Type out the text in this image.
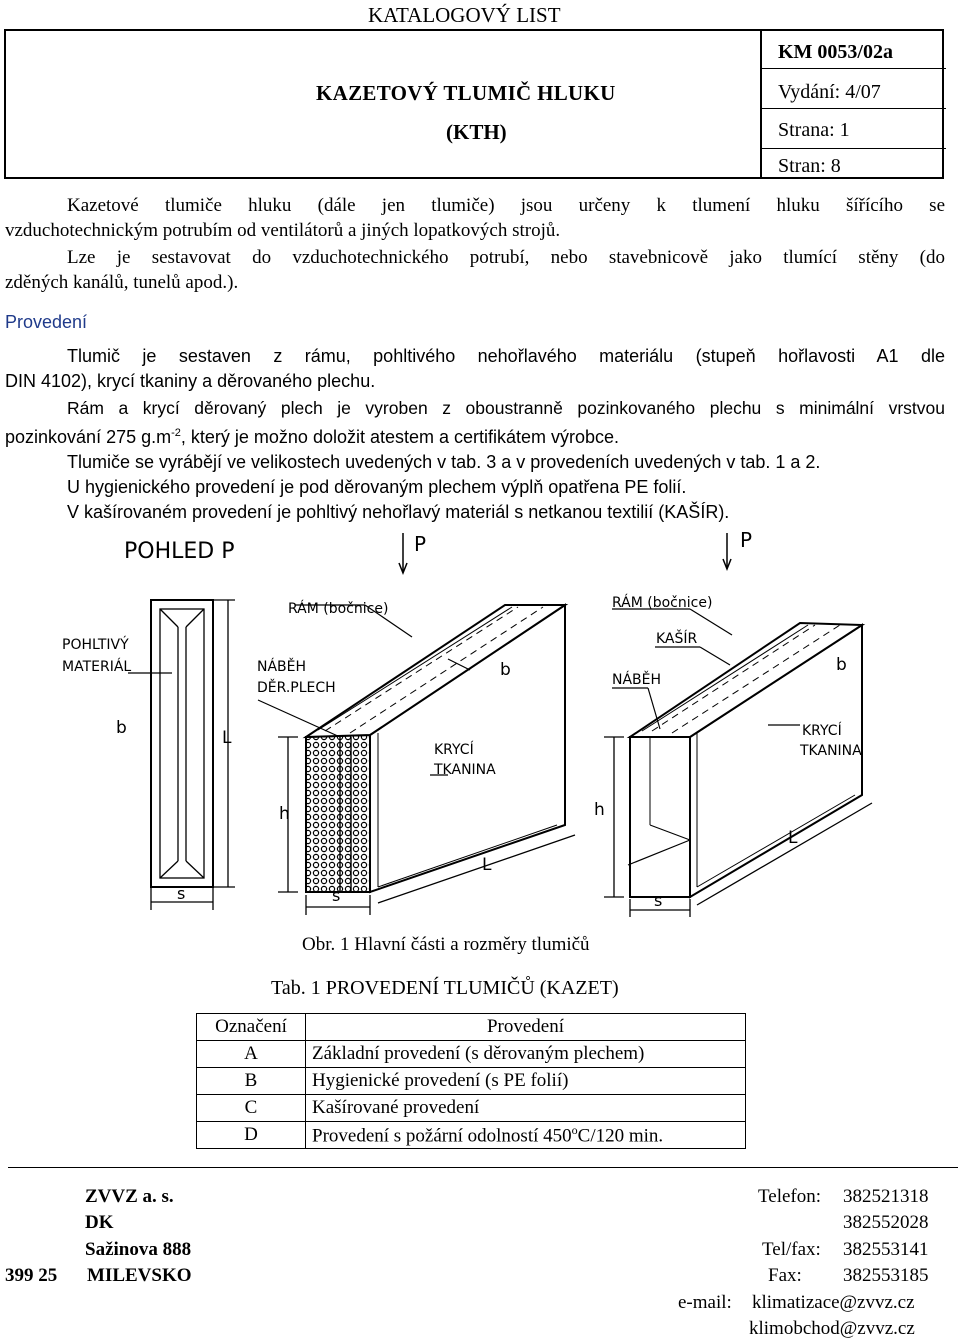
KATALOGOVÝ LIST
KAZETOVÝ TLUMIČ HLUKU
(KTH)
KM 0053/02a
Vydání: 4/07
Strana: 1
Stran: 8

Kazetové tlumiče hluku (dále jen tlumiče) jsou určeny k tlumení hluku šířícího se

vzduchotechnickým potrubím od ventilátorů a jiných lopatkových strojů.

Lze je sestavovat do vzduchotechnického potrubí, nebo stavebnicově jako tlumící stěny (do

zděných kanálů, tunelů apod.).

Provedení

Tlumič je sestaven z rámu, pohltivého nehořlavého materiálu (stupeň hořlavosti A1 dle

DIN 4102), krycí tkaniny a děrovaného plechu.

Rám a krycí děrovaný plech je vyroben z oboustranně pozinkovaného plechu s minimální vrstvou

pozinkování 275 $g.m^{-2}$, který je možno doložit atestem a certifikátem výrobce.

Tlumiče se vyrábějí ve velikostech uvedených v tab. 3 a v provedeních uvedených v tab. 1 a 2.

U hygienického provedení je pod děrovaným plechem výplň opatřena PE folií.

V kašírovaném provedení je pohltivý nehořlavý materiál s netkanou textilií (KAŠÍR).

POHLED P
POHLTIVÝ
MATERIÁL
b	L
s
P
RÁM (bočnice)
NÁBĚH
DĚR.PLECH
KRYCÍ
TKANINA
b
h
s
L
P
RÁM (bočnice)
KAŠÍR
NÁBĚH
KRYCÍ
TKANINA
b
h
s
L
Obr. 1 Hlavní části a rozměry tlumičů
Tab. 1 PROVEDENÍ TLUMIČŮ (KAZET)
Označení	Provedení
A	Základní provedení (s děrovaným plechem)
B	Hygienické provedení (s PE folií)
C	Kašírované provedení
D	Provedení s požární odolností 450$^o$C/120 min.
ZVVZ a. s.
DK
Sažinova 888
399 25 MILEVSKO
Telefon: 382521318
382552028
Tel/fax: 382553141
Fax: 382553185
e-mail: klimatizace@zvvz.cz
klimobchod@zvvz.cz
